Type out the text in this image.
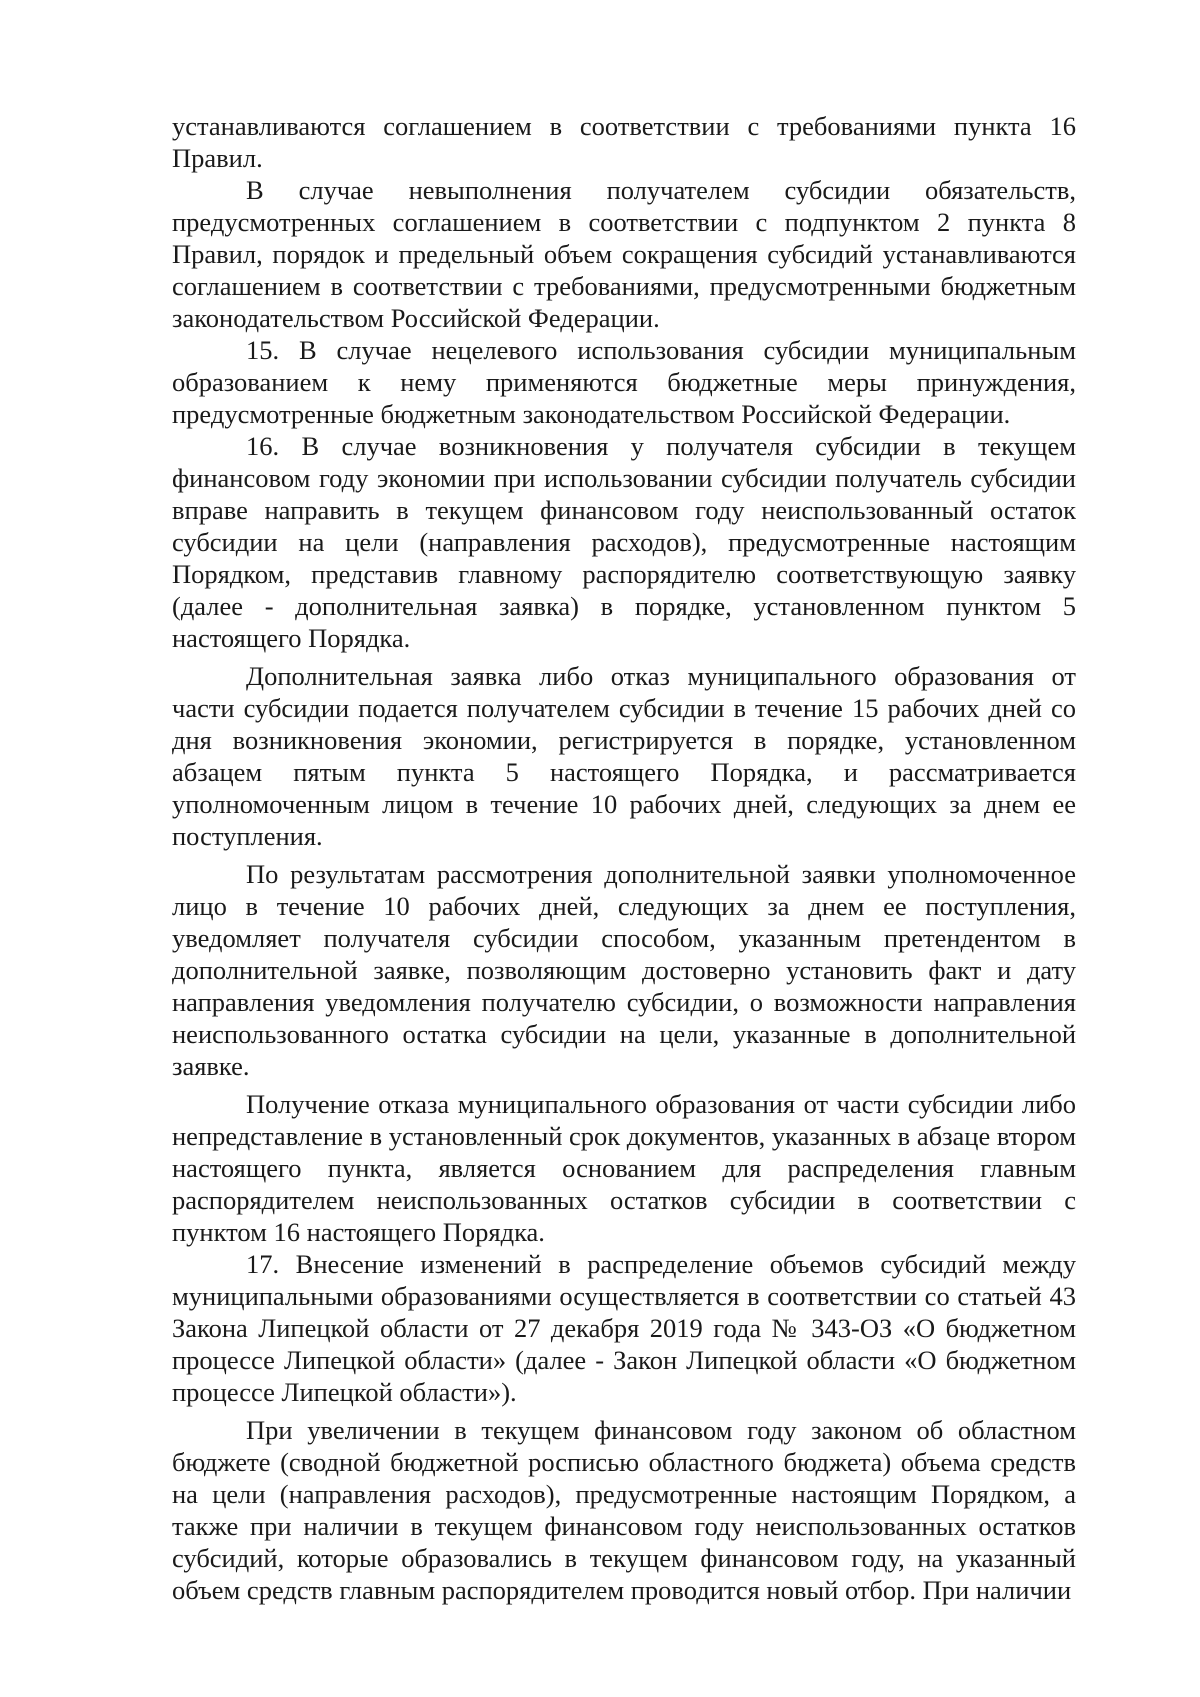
устанавливаются соглашением в соответствии с требованиями пункта 16 Правил.

В случае невыполнения получателем субсидии обязательств, предусмотренных соглашением в соответствии с подпунктом 2 пункта 8 Правил, порядок и предельный объем сокращения субсидий устанавливаются соглашением в соответствии с требованиями, предусмотренными бюджетным законодательством Российской Федерации.

15. В случае нецелевого использования субсидии муниципальным образованием к нему применяются бюджетные меры принуждения, предусмотренные бюджетным законодательством Российской Федерации.

16. В случае возникновения у получателя субсидии в текущем финансовом году экономии при использовании субсидии получатель субсидии вправе направить в текущем финансовом году неиспользованный остаток субсидии на цели (направления расходов), предусмотренные настоящим Порядком, представив главному распорядителю соответствующую заявку (далее - дополнительная заявка) в порядке, установленном пунктом 5 настоящего Порядка.

Дополнительная заявка либо отказ муниципального образования от части субсидии подается получателем субсидии в течение 15 рабочих дней со дня возникновения экономии, регистрируется в порядке, установленном абзацем пятым пункта 5 настоящего Порядка, и рассматривается уполномоченным лицом в течение 10 рабочих дней, следующих за днем ее поступления.

По результатам рассмотрения дополнительной заявки уполномоченное лицо в течение 10 рабочих дней, следующих за днем ее поступления, уведомляет получателя субсидии способом, указанным претендентом в дополнительной заявке, позволяющим достоверно установить факт и дату направления уведомления получателю субсидии, о возможности направления неиспользованного остатка субсидии на цели, указанные в дополнительной заявке.

Получение отказа муниципального образования от части субсидии либо непредставление в установленный срок документов, указанных в абзаце втором настоящего пункта, является основанием для распределения главным распорядителем неиспользованных остатков субсидии в соответствии с пунктом 16 настоящего Порядка.

17. Внесение изменений в распределение объемов субсидий между муниципальными образованиями осуществляется в соответствии со статьей 43 Закона Липецкой области от 27 декабря 2019 года № 343-ОЗ «О бюджетном процессе Липецкой области» (далее - Закон Липецкой области «О бюджетном процессе Липецкой области»).

При увеличении в текущем финансовом году законом об областном бюджете (сводной бюджетной росписью областного бюджета) объема средств на цели (направления расходов), предусмотренные настоящим Порядком, а также при наличии в текущем финансовом году неиспользованных остатков субсидий, которые образовались в текущем финансовом году, на указанный объем средств главным распорядителем проводится новый отбор. При наличии
